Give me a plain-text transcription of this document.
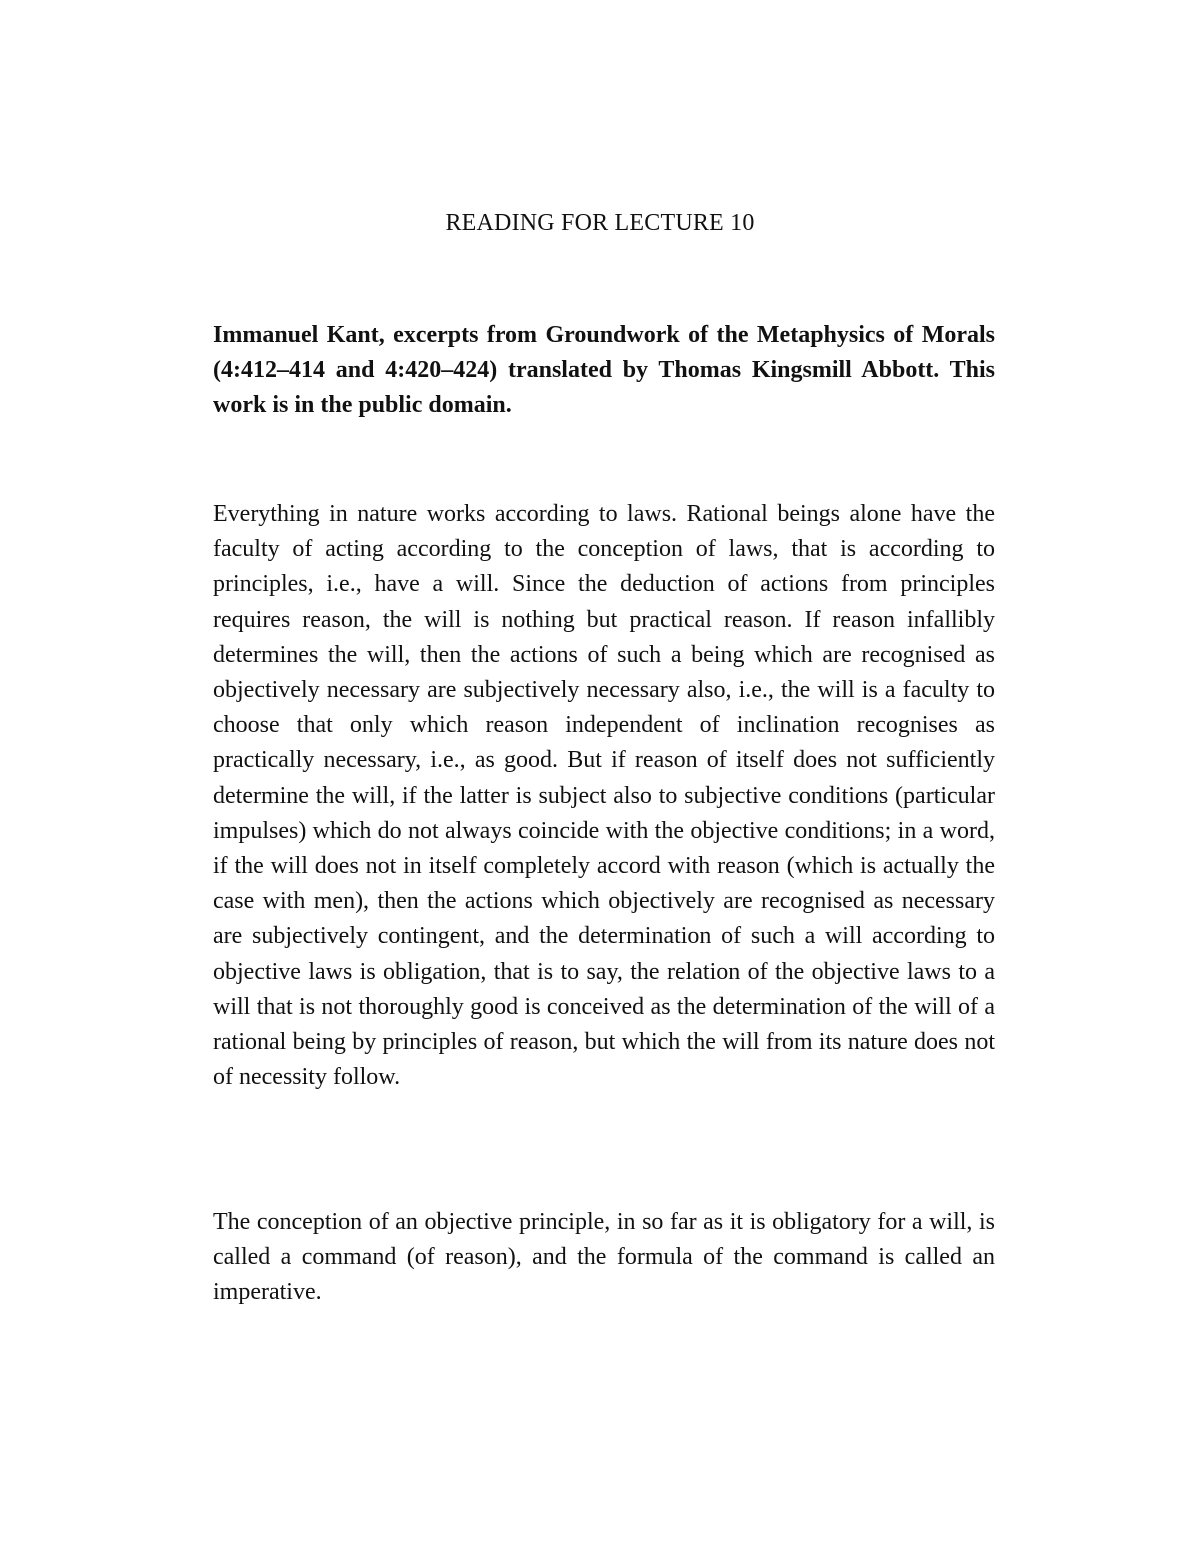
READING FOR LECTURE 10

Immanuel Kant, excerpts from Groundwork of the Metaphysics of Morals (4:412–414 and 4:420–424) translated by Thomas Kingsmill Abbott. This work is in the public domain.

Everything in nature works according to laws. Rational beings alone have the faculty of acting according to the conception of laws, that is according to principles, i.e., have a will. Since the deduction of actions from principles requires reason, the will is nothing but practical reason. If reason infallibly determines the will, then the actions of such a being which are recognised as objectively necessary are subjectively necessary also, i.e., the will is a faculty to choose that only which reason independent of inclination recognises as practically necessary, i.e., as good. But if reason of itself does not sufficiently determine the will, if the latter is subject also to subjective conditions (particular impulses) which do not always coincide with the objective conditions; in a word, if the will does not in itself completely accord with reason (which is actually the case with men), then the actions which objectively are recognised as necessary are subjectively contingent, and the determination of such a will according to objective laws is obligation, that is to say, the relation of the objective laws to a will that is not thoroughly good is conceived as the determination of the will of a rational being by principles of reason, but which the will from its nature does not of necessity follow.

The conception of an objective principle, in so far as it is obligatory for a will, is called a command (of reason), and the formula of the command is called an imperative.
